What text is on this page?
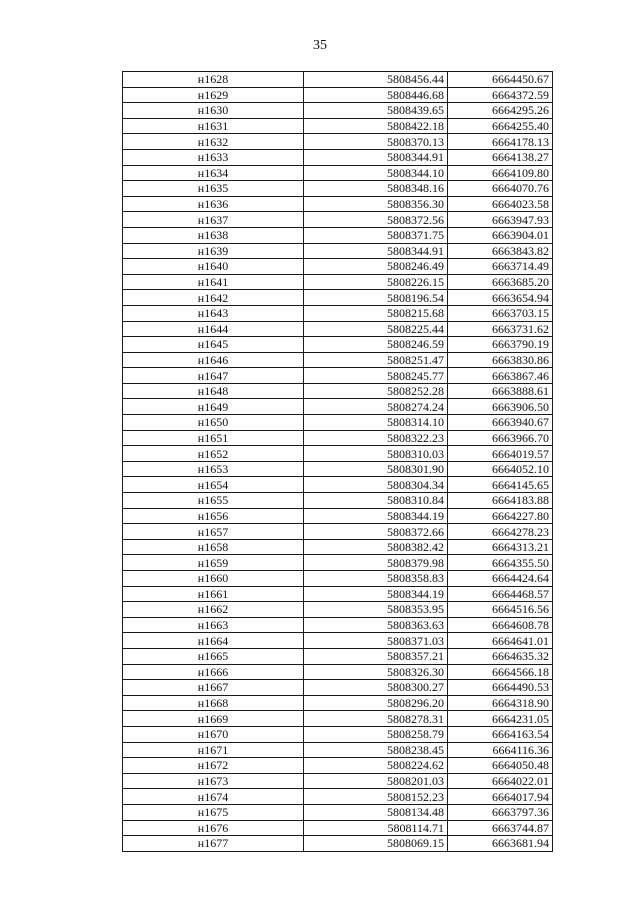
35
н1628	5808456.44	6664450.67
н1629	5808446.68	6664372.59
н1630	5808439.65	6664295.26
н1631	5808422.18	6664255.40
н1632	5808370.13	6664178.13
н1633	5808344.91	6664138.27
н1634	5808344.10	6664109.80
н1635	5808348.16	6664070.76
н1636	5808356.30	6664023.58
н1637	5808372.56	6663947.93
н1638	5808371.75	6663904.01
н1639	5808344.91	6663843.82
н1640	5808246.49	6663714.49
н1641	5808226.15	6663685.20
н1642	5808196.54	6663654.94
н1643	5808215.68	6663703.15
н1644	5808225.44	6663731.62
н1645	5808246.59	6663790.19
н1646	5808251.47	6663830.86
н1647	5808245.77	6663867.46
н1648	5808252.28	6663888.61
н1649	5808274.24	6663906.50
н1650	5808314.10	6663940.67
н1651	5808322.23	6663966.70
н1652	5808310.03	6664019.57
н1653	5808301.90	6664052.10
н1654	5808304.34	6664145.65
н1655	5808310.84	6664183.88
н1656	5808344.19	6664227.80
н1657	5808372.66	6664278.23
н1658	5808382.42	6664313.21
н1659	5808379.98	6664355.50
н1660	5808358.83	6664424.64
н1661	5808344.19	6664468.57
н1662	5808353.95	6664516.56
н1663	5808363.63	6664608.78
н1664	5808371.03	6664641.01
н1665	5808357.21	6664635.32
н1666	5808326.30	6664566.18
н1667	5808300.27	6664490.53
н1668	5808296.20	6664318.90
н1669	5808278.31	6664231.05
н1670	5808258.79	6664163.54
н1671	5808238.45	6664116.36
н1672	5808224.62	6664050.48
н1673	5808201.03	6664022.01
н1674	5808152.23	6664017.94
н1675	5808134.48	6663797.36
н1676	5808114.71	6663744.87
н1677	5808069.15	6663681.94
